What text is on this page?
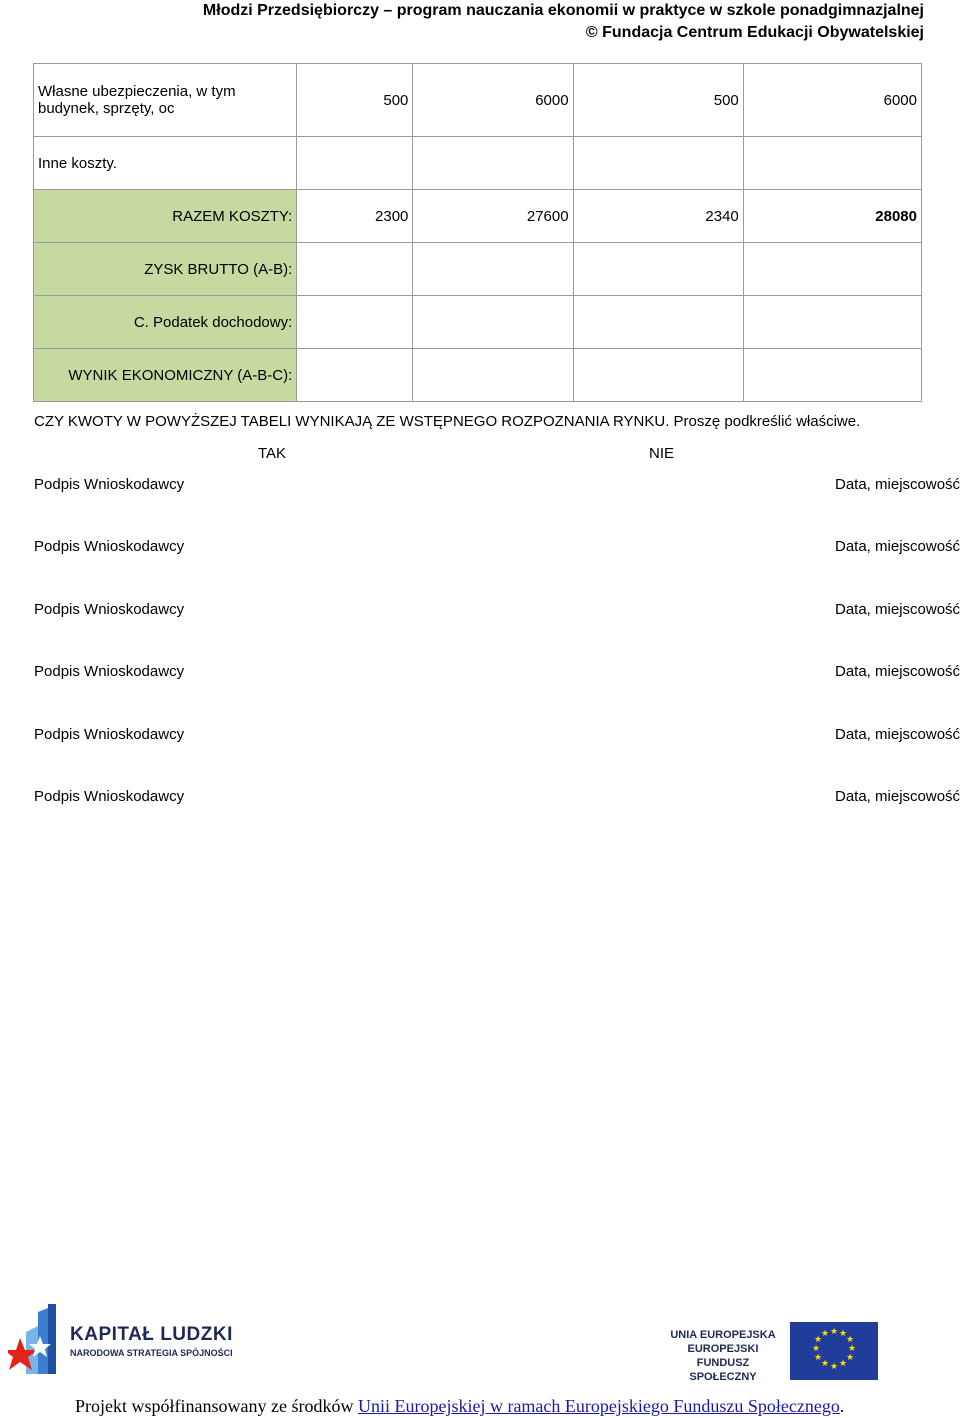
Młodzi Przedsiębiorczy – program nauczania ekonomii w praktyce w szkole ponadgimnazjalnej
© Fundacja Centrum Edukacji Obywatelskiej
Własne ubezpieczenia, w tym
budynek, sprzęty, oc	500	6000	500	6000
Inne koszty.				
RAZEM KOSZTY:	2300	27600	2340	28080
ZYSK BRUTTO (A-B):				
C. Podatek dochodowy:				
WYNIK EKONOMICZNY (A-B-C):				
CZY KWOTY W POWYŻSZEJ TABELI WYNIKAJĄ ZE WSTĘPNEGO ROZPOZNANIA RYNKU. Proszę podkreślić właściwe.
TAK	NIE
Podpis Wnioskodawcy	Data, miejscowość
Podpis Wnioskodawcy	Data, miejscowość
Podpis Wnioskodawcy	Data, miejscowość
Podpis Wnioskodawcy	Data, miejscowość
Podpis Wnioskodawcy	Data, miejscowość
Podpis Wnioskodawcy	Data, miejscowość
KAPITAŁ LUDZKI
NARODOWA STRATEGIA SPÓJNOŚCI
UNIA EUROPEJSKA
EUROPEJSKI
FUNDUSZ SPOŁECZNY
★ ★
★
★
★
★
★
★
★
★
★
★
Projekt współfinansowany ze środków Unii Europejskiej w ramach Europejskiego Funduszu Społecznego.
